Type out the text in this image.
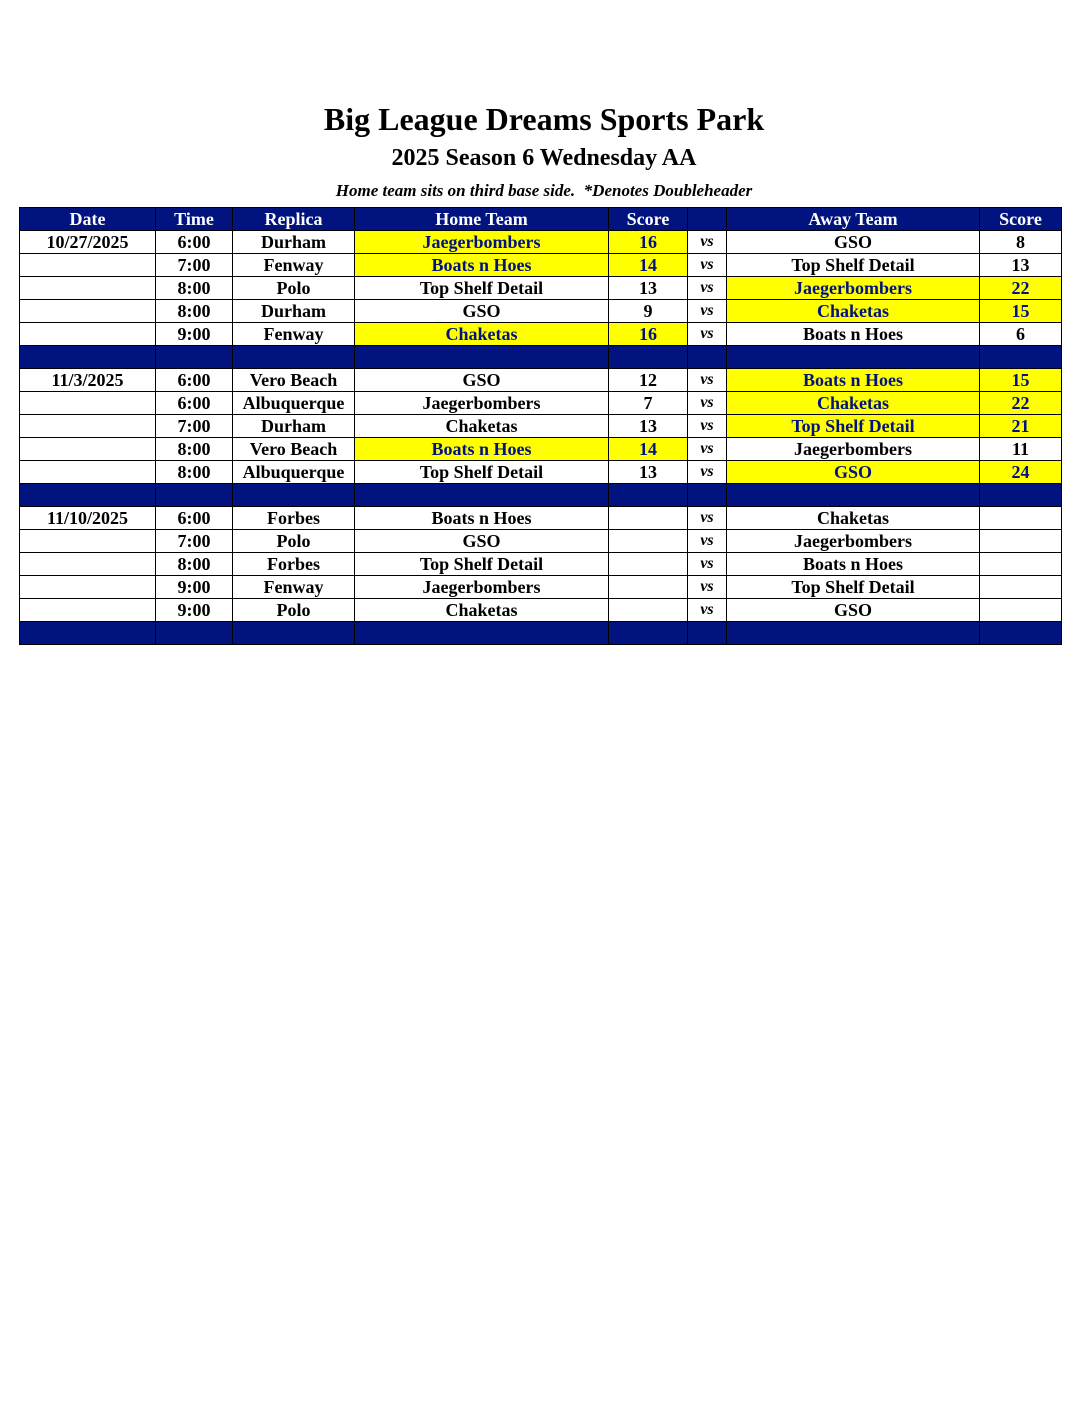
Big League Dreams Sports Park
2025 Season 6 Wednesday AA
Home team sits on third base side.  *Denotes Doubleheader
Date	Time	Replica	Home Team	Score		Away Team	Score
10/27/2025	6:00	Durham	Jaegerbombers	16	vs	GSO	8
	7:00	Fenway	Boats n Hoes	14	vs	Top Shelf Detail	13
	8:00	Polo	Top Shelf Detail	13	vs	Jaegerbombers	22
	8:00	Durham	GSO	9	vs	Chaketas	15
	9:00	Fenway	Chaketas	16	vs	Boats n Hoes	6

11/3/2025	6:00	Vero Beach	GSO	12	vs	Boats n Hoes	15
	6:00	Albuquerque	Jaegerbombers	7	vs	Chaketas	22
	7:00	Durham	Chaketas	13	vs	Top Shelf Detail	21
	8:00	Vero Beach	Boats n Hoes	14	vs	Jaegerbombers	11
	8:00	Albuquerque	Top Shelf Detail	13	vs	GSO	24

11/10/2025	6:00	Forbes	Boats n Hoes		vs	Chaketas	
	7:00	Polo	GSO		vs	Jaegerbombers	
	8:00	Forbes	Top Shelf Detail		vs	Boats n Hoes	
	9:00	Fenway	Jaegerbombers		vs	Top Shelf Detail	
	9:00	Polo	Chaketas		vs	GSO	
